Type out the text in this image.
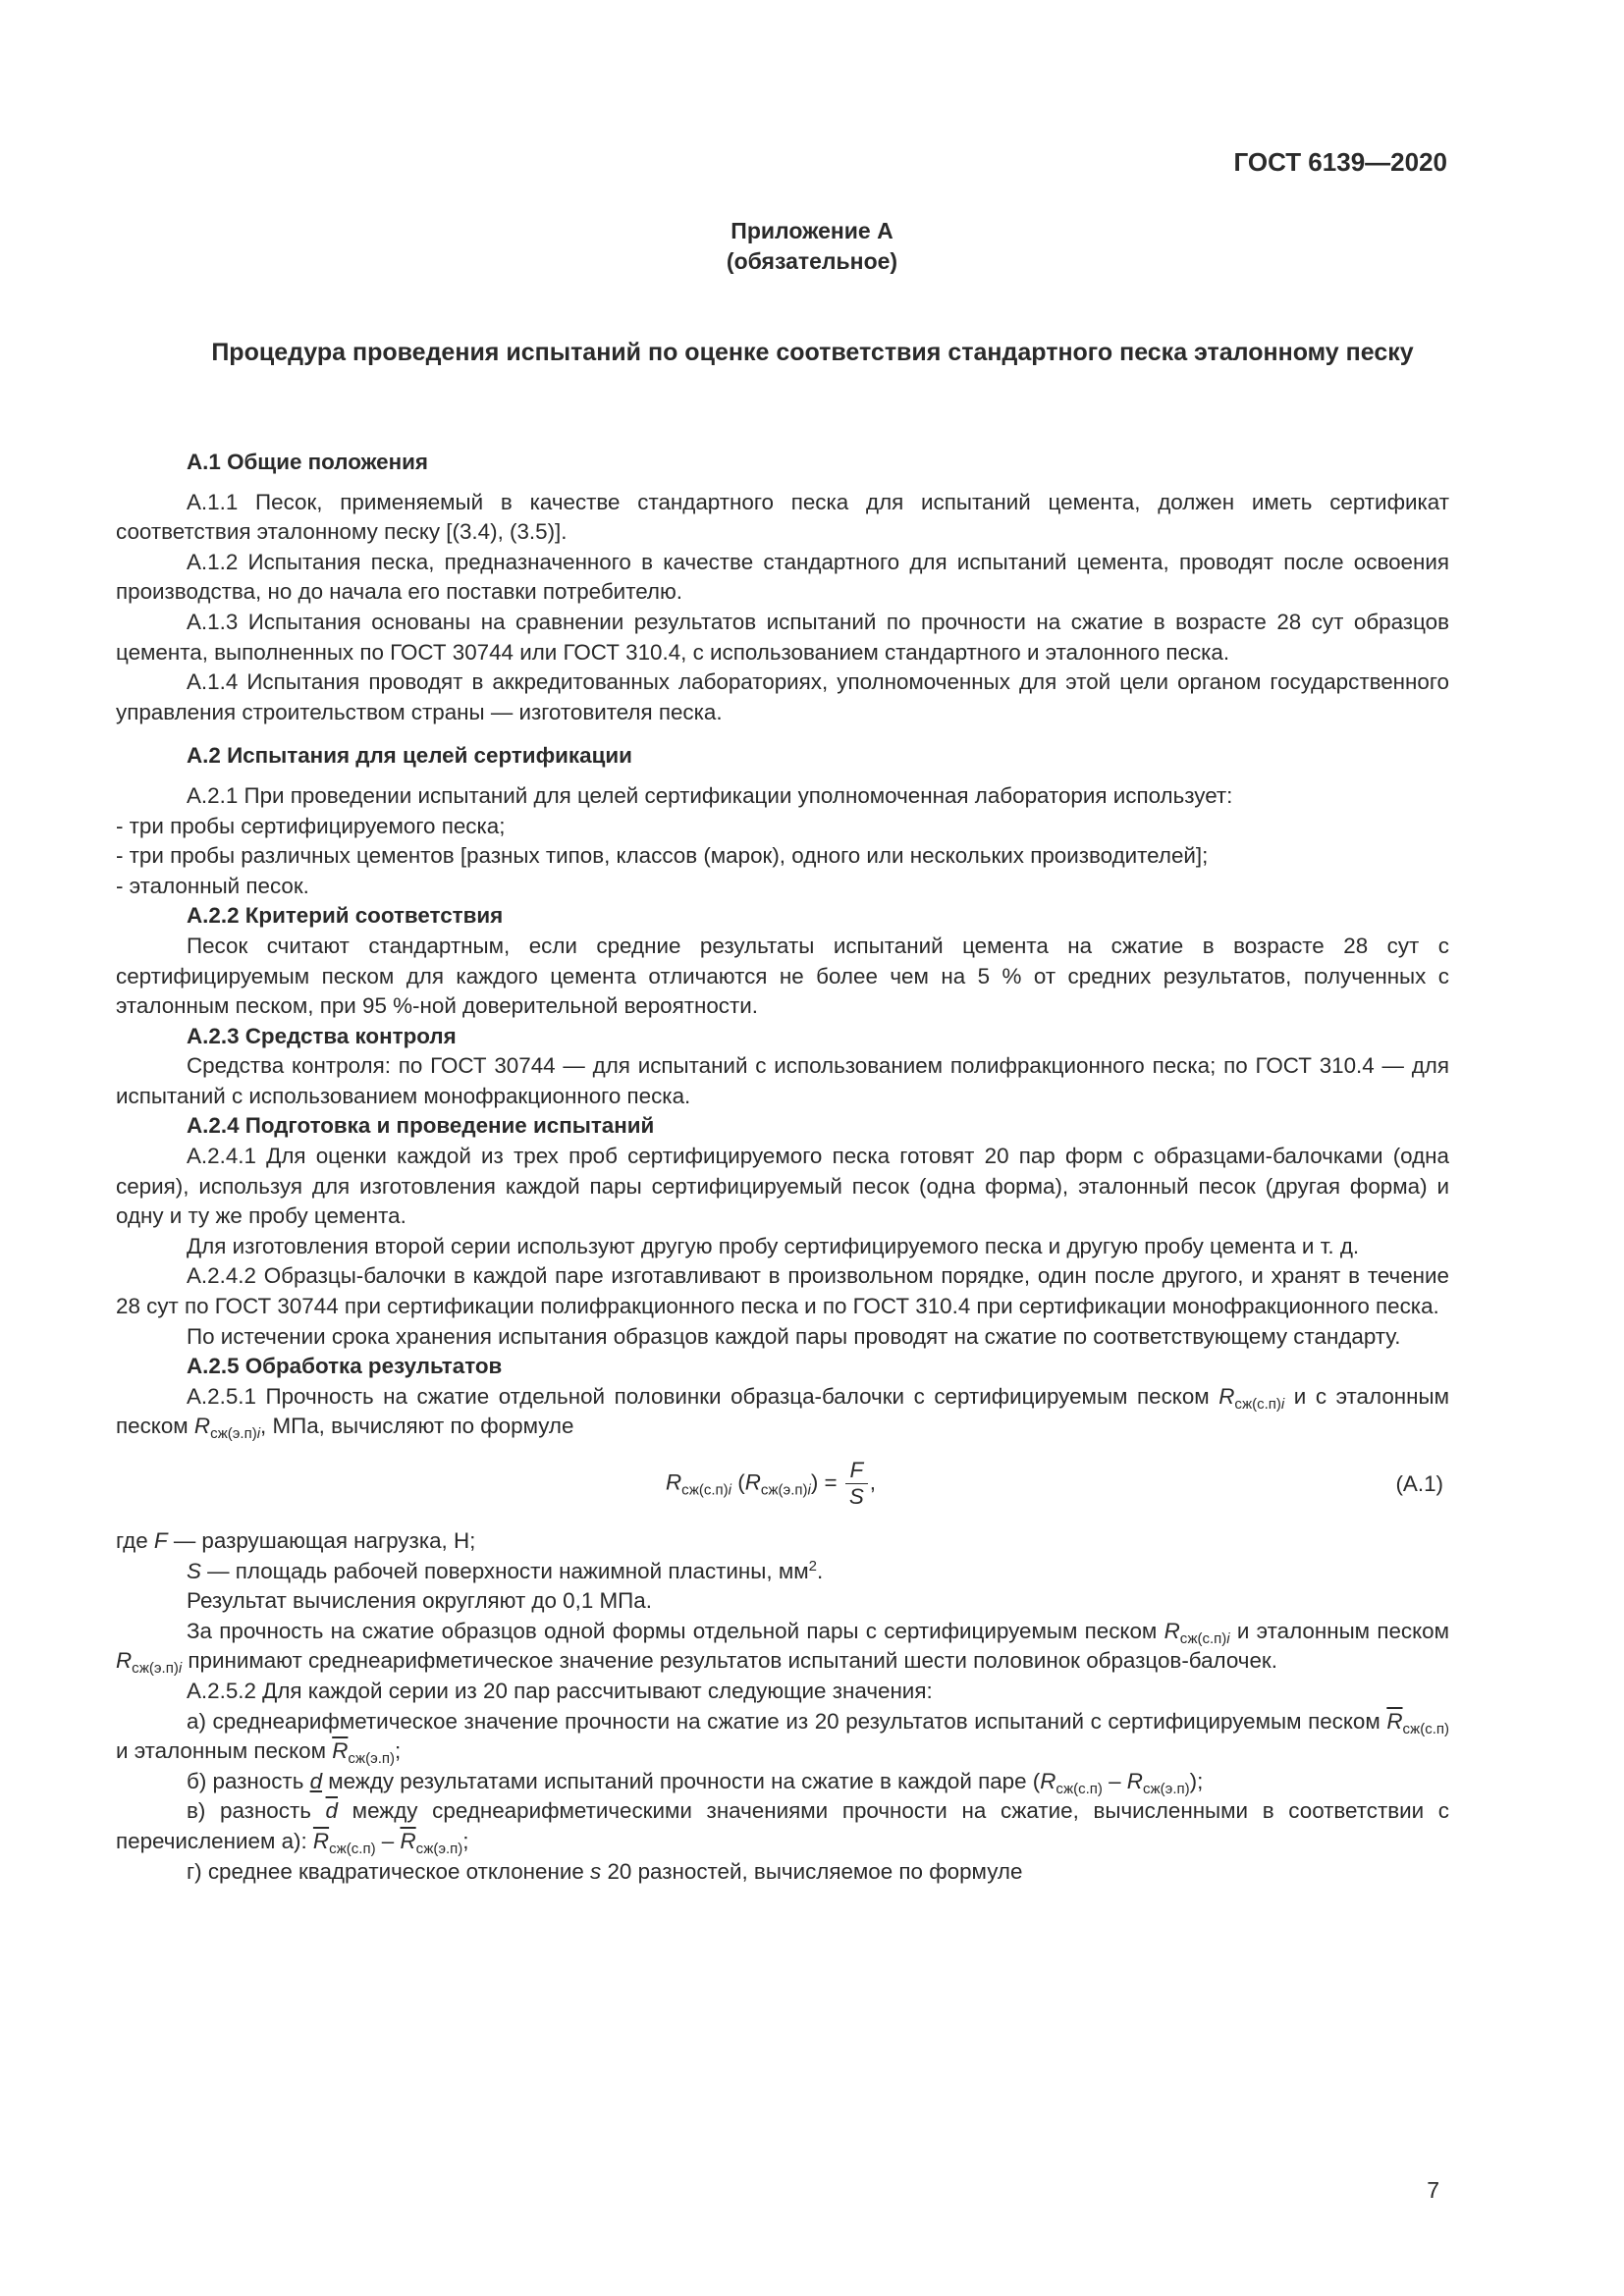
ГОСТ 6139—2020
Приложение А
(обязательное)
Процедура проведения испытаний по оценке соответствия стандартного песка эталонному песку

А.1 Общие положения

А.1.1 Песок, применяемый в качестве стандартного песка для испытаний цемента, должен иметь сертификат соответствия эталонному песку [(3.4), (3.5)].

А.1.2 Испытания песка, предназначенного в качестве стандартного для испытаний цемента, проводят после освоения производства, но до начала его поставки потребителю.

А.1.3 Испытания основаны на сравнении результатов испытаний по прочности на сжатие в возрасте 28 сут образцов цемента, выполненных по ГОСТ 30744 или ГОСТ 310.4, с использованием стандартного и эталонного песка.

А.1.4 Испытания проводят в аккредитованных лабораториях, уполномоченных для этой цели органом государственного управления строительством страны — изготовителя песка.

А.2 Испытания для целей сертификации

А.2.1 При проведении испытаний для целей сертификации уполномоченная лаборатория использует:

- три пробы сертифицируемого песка;

- три пробы различных цементов [разных типов, классов (марок), одного или нескольких производителей];

- эталонный песок.

А.2.2 Критерий соответствия

Песок считают стандартным, если средние результаты испытаний цемента на сжатие в возрасте 28 сут с сертифицируемым песком для каждого цемента отличаются не более чем на 5 % от средних результатов, полученных с эталонным песком, при 95 %-ной доверительной вероятности.

А.2.3 Средства контроля

Средства контроля: по ГОСТ 30744 — для испытаний с использованием полифракционного песка; по ГОСТ 310.4 — для испытаний с использованием монофракционного песка.

А.2.4 Подготовка и проведение испытаний

А.2.4.1 Для оценки каждой из трех проб сертифицируемого песка готовят 20 пар форм с образцами-балочками (одна серия), используя для изготовления каждой пары сертифицируемый песок (одна форма), эталонный песок (другая форма) и одну и ту же пробу цемента.

Для изготовления второй серии используют другую пробу сертифицируемого песка и другую пробу цемента и т. д.

А.2.4.2 Образцы-балочки в каждой паре изготавливают в произвольном порядке, один после другого, и хранят в течение 28 сут по ГОСТ 30744 при сертификации полифракционного песка и по ГОСТ 310.4 при сертификации монофракционного песка.

По истечении срока хранения испытания образцов каждой пары проводят на сжатие по соответствующему стандарту.

А.2.5 Обработка результатов

А.2.5.1 Прочность на сжатие отдельной половинки образца-балочки с сертифицируемым песком $R_{сж(с.п)i}$ и с эталонным песком $R_{сж(э.п)i}$, МПа, вычисляют по формуле

$R_{сж(с.п)i}$ $(R_{сж(э.п)i}) = \frac{F}{S}$ ,	(А.1)

где F — разрушающая нагрузка, Н;

S — площадь рабочей поверхности нажимной пластины, $мм^2$.

Результат вычисления округляют до 0,1 МПа.

За прочность на сжатие образцов одной формы отдельной пары с сертифицируемым песком $R_{сж(с.п)i}$ и эталонным песком $R_{сж(э.п)i}$ принимают среднеарифметическое значение результатов испытаний шести половинок образцов-балочек.

А.2.5.2 Для каждой серии из 20 пар рассчитывают следующие значения:

а) среднеарифметическое значение прочности на сжатие из 20 результатов испытаний с сертифицируемым песком $\overline{R}_{сж(с.п)}$ и эталонным песком $\overline{R}_{сж(э.п)}$;

б) разность d между результатами испытаний прочности на сжатие в каждой паре $(R_{сж(с.п)} - R_{сж(э.п)})$;

в) разность $\overline{d}$ между среднеарифметическими значениями прочности на сжатие, вычисленными в соответствии с перечислением а): $\overline{R}_{сж(с.п)} - \overline{R}_{сж(э.п)}$;

г) среднее квадратическое отклонение s 20 разностей, вычисляемое по формуле

7
